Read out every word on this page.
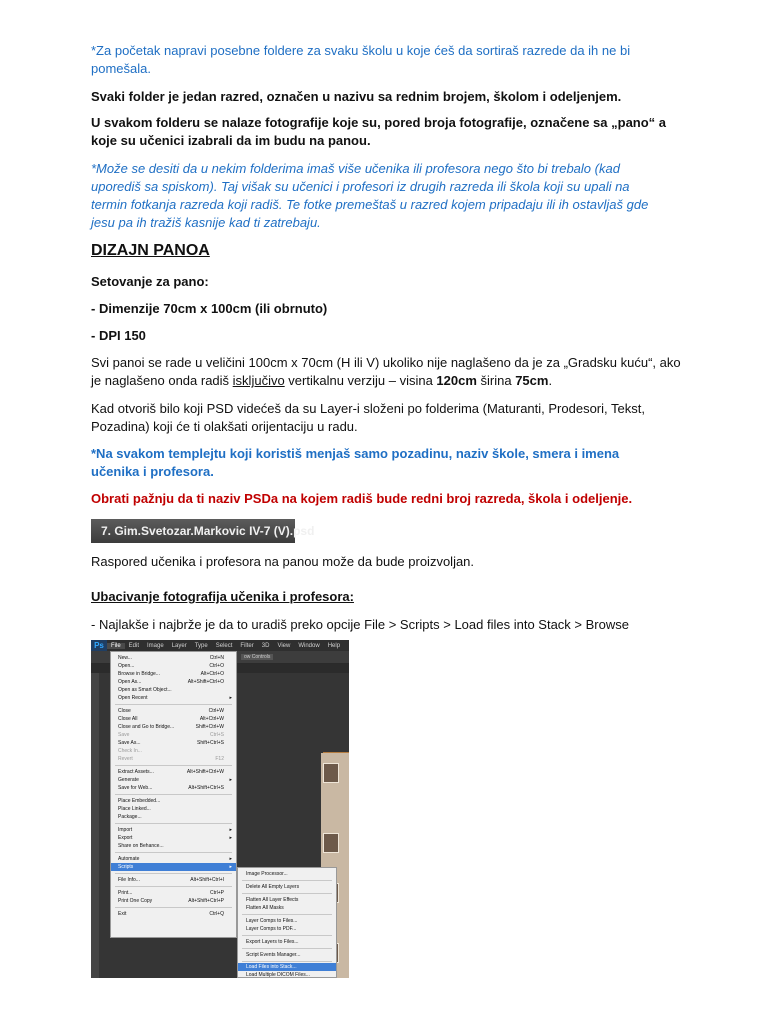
*Za početak napravi posebne foldere za svaku školu u koje ćeš da sortiraš razrede da ih ne bi pomešala.

Svaki folder je jedan razred, označen u nazivu sa rednim brojem, školom i odeljenjem.

U svakom folderu se nalaze fotografije koje su, pored broja fotografije, označene sa „pano“ a koje su učenici izabrali da im budu na panou.

*Može se desiti da u nekim folderima imaš više učenika ili profesora nego što bi trebalo (kad uporediš sa spiskom). Taj višak su učenici i profesori iz drugih razreda ili škola koji su upali na termin fotkanja razreda koji radiš. Te fotke premeštaš u razred kojem pripadaju ili ih ostavljaš gde jesu pa ih tražiš kasnije kad ti zatrebaju.

DIZAJN PANOA

Setovanje za pano:

- Dimenzije 70cm x 100cm (ili obrnuto)

- DPI 150

Svi panoi se rade u veličini 100cm x 70cm (H ili V) ukoliko nije naglašeno da je za „Gradsku kuću“, ako je naglašeno onda radiš isključivo vertikalnu verziju – visina 120cm širina 75cm.

Kad otvoriš bilo koji PSD videćeš da su Layer-i složeni po folderima (Maturanti, Prodesori, Tekst, Pozadina) koji će ti olakšati orijentaciju u radu.

*Na svakom templejtu koji koristiš menjaš samo pozadinu, naziv škole, smera i imena učenika i profesora.

Obrati pažnju da ti naziv PSDa na kojem radiš bude redni broj razreda, škola i odeljenje.

Raspored učenika i profesora na panou može da bude proizvoljan.

Ubacivanje fotografija učenika i profesora:

- Najlakše i najbrže je da to uradiš preko opcije File > Scripts > Load files into Stack > Browse

7. Gim.Svetozar.Markovic IV-7 (V).psd
Ps	File	Edit	Image	Layer	Type	Select	Filter	3D	View	Window	Help
ow Controls
New...	Ctrl+N
Open...	Ctrl+O
Browse in Bridge...	Alt+Ctrl+O
Open As...	Alt+Shift+Ctrl+O
Open as Smart Object...
Open Recent	▸
Close	Ctrl+W
Close All	Alt+Ctrl+W
Close and Go to Bridge...	Shift+Ctrl+W
Save	Ctrl+S
Save As...	Shift+Ctrl+S
Check In...
Revert	F12
Extract Assets...	Alt+Shift+Ctrl+W
Generate	▸
Save for Web...	Alt+Shift+Ctrl+S
Place Embedded...
Place Linked...
Package...
Import	▸
Export	▸
Share on Behance...
Automate	▸
Scripts	▸
File Info...	Alt+Shift+Ctrl+I
Print...	Ctrl+P
Print One Copy	Alt+Shift+Ctrl+P
Exit	Ctrl+Q
Image Processor...
Delete All Empty Layers
Flatten All Layer Effects
Flatten All Masks
Layer Comps to Files...
Layer Comps to PDF...
Export Layers to Files...
Script Events Manager...
Load Files into Stack...
Load Multiple DICOM Files...
